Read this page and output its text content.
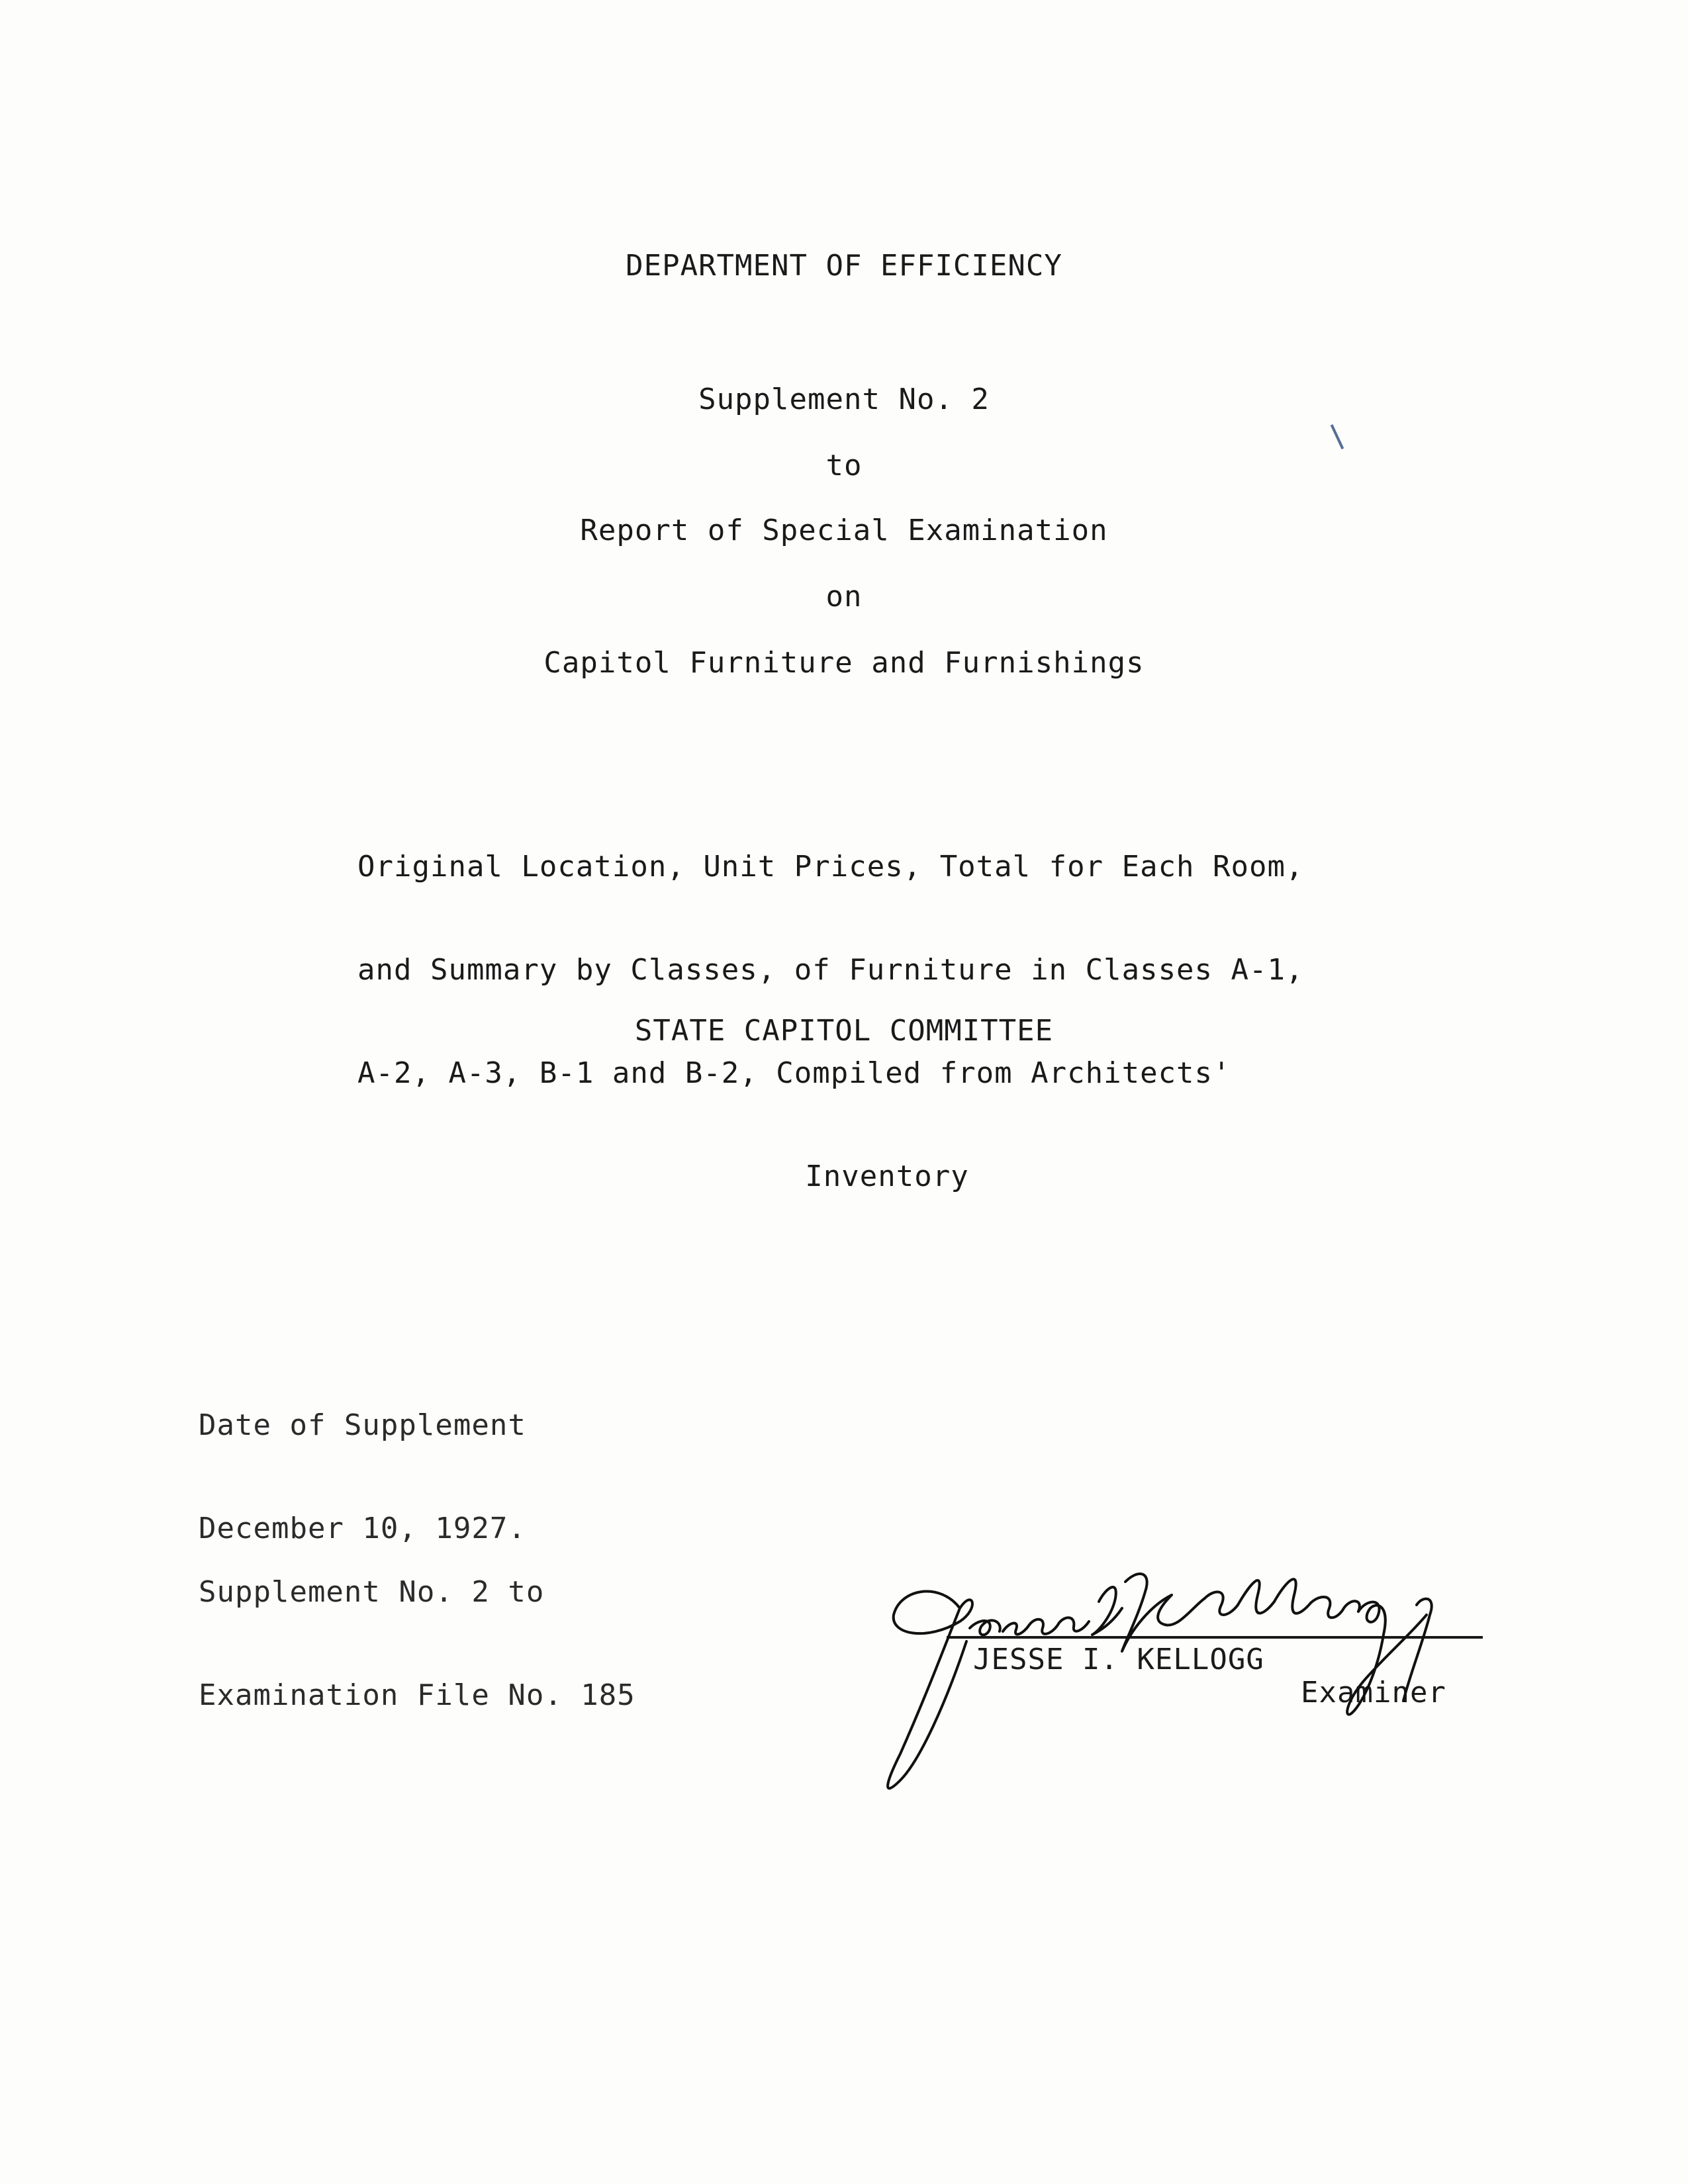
DEPARTMENT OF EFFICIENCY
Supplement No. 2
to
Report of Special Examination
on
Capitol Furniture and Furnishings

Original Location, Unit Prices, Total for Each Room,

and Summary by Classes, of Furniture in Classes A-1,

A-2, A-3, B-1 and B-2, Compiled from Architects'

Inventory

STATE CAPITOL COMMITTEE

Date of Supplement

December 10, 1927.

Supplement No. 2 to

Examination File No. 185

JESSE I. KELLOGG
Examiner
